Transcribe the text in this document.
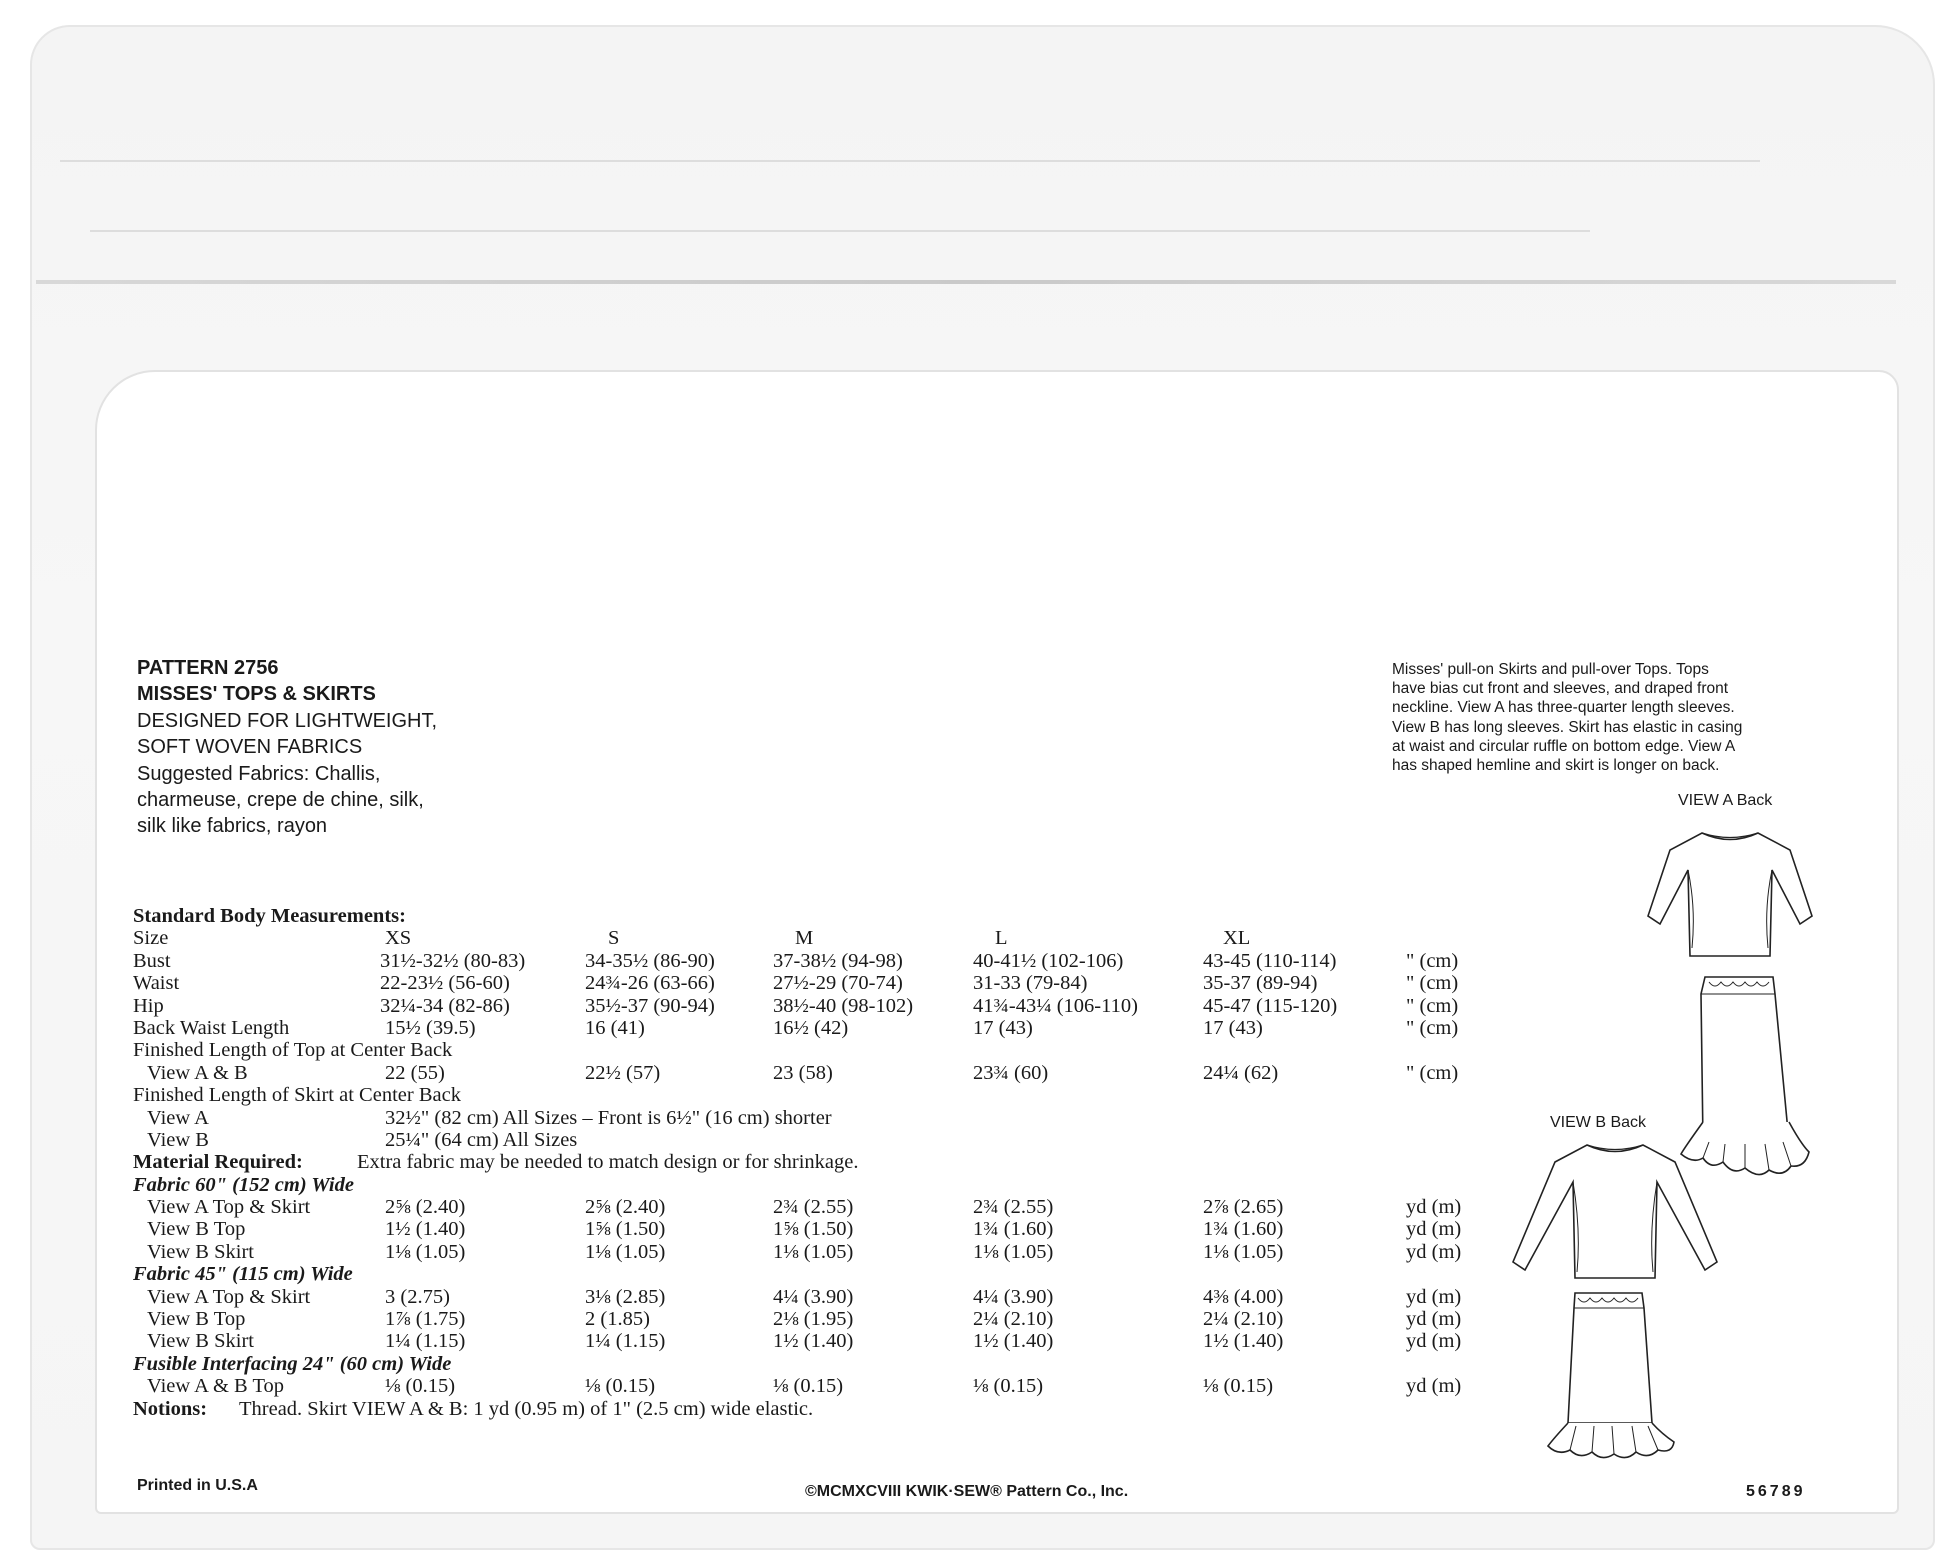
PATTERN 2756
MISSES' TOPS & SKIRTS
DESIGNED FOR LIGHTWEIGHT,
SOFT WOVEN FABRICS
Suggested Fabrics: Challis,
charmeuse, crepe de chine, silk,
silk like fabrics, rayon
Misses' pull-on Skirts and pull-over Tops. Tops
have bias cut front and sleeves, and draped front
neckline. View A has three-quarter length sleeves.
View B has long sleeves. Skirt has elastic in casing
at waist and circular ruffle on bottom edge. View A
has shaped hemline and skirt is longer on back.
VIEW A Back
VIEW B Back
Standard Body Measurements:
Size	XS	S	M	L	XL
Bust	31½-32½ (80-83)	34-35½ (86-90)	37-38½ (94-98)	40-41½ (102-106)	43-45 (110-114)	" (cm)
Waist	22-23½ (56-60)	24¾-26 (63-66)	27½-29 (70-74)	31-33 (79-84)	35-37 (89-94)	" (cm)
Hip	32¼-34 (82-86)	35½-37 (90-94)	38½-40 (98-102)	41¾-43¼ (106-110)	45-47 (115-120)	" (cm)
Back Waist Length	15½ (39.5)	16 (41)	16½ (42)	17 (43)	17 (43)	" (cm)
Finished Length of Top at Center Back
View A & B	22 (55)	22½ (57)	23 (58)	23¾ (60)	24¼ (62)	" (cm)
Finished Length of Skirt at Center Back
View A	32½" (82 cm) All Sizes – Front is 6½" (16 cm) shorter
View B	25¼" (64 cm) All Sizes
Material Required:	Extra fabric may be needed to match design or for shrinkage.
Fabric 60" (152 cm) Wide
View A Top & Skirt	2⅝ (2.40)	2⅝ (2.40)	2¾ (2.55)	2¾ (2.55)	2⅞ (2.65)	yd (m)
View B Top	1½ (1.40)	1⅝ (1.50)	1⅝ (1.50)	1¾ (1.60)	1¾ (1.60)	yd (m)
View B Skirt	1⅛ (1.05)	1⅛ (1.05)	1⅛ (1.05)	1⅛ (1.05)	1⅛ (1.05)	yd (m)
Fabric 45" (115 cm) Wide
View A Top & Skirt	3 (2.75)	3⅛ (2.85)	4¼ (3.90)	4¼ (3.90)	4⅜ (4.00)	yd (m)
View B Top	1⅞ (1.75)	2 (1.85)	2⅛ (1.95)	2¼ (2.10)	2¼ (2.10)	yd (m)
View B Skirt	1¼ (1.15)	1¼ (1.15)	1½ (1.40)	1½ (1.40)	1½ (1.40)	yd (m)
Fusible Interfacing 24" (60 cm) Wide
View A & B Top	⅛ (0.15)	⅛ (0.15)	⅛ (0.15)	⅛ (0.15)	⅛ (0.15)	yd (m)
Notions: Thread. Skirt VIEW A & B: 1 yd (0.95 m) of 1" (2.5 cm) wide elastic.
Printed in U.S.A	©MCMXCVIII KWIK·SEW® Pattern Co., Inc.	56789
